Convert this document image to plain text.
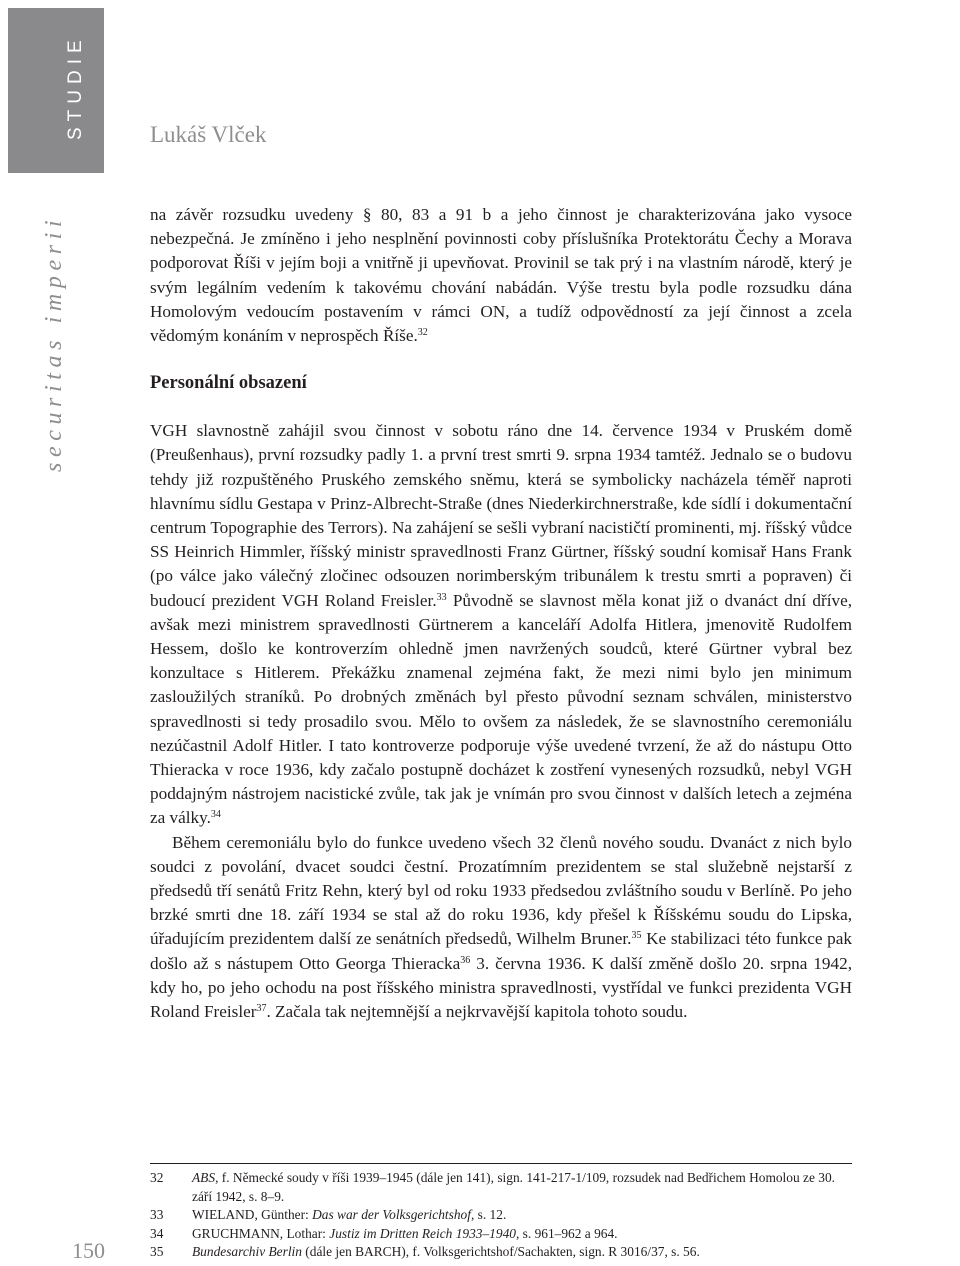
STUDIE
securitas imperii
Lukáš Vlček

na závěr rozsudku uvedeny § 80, 83 a 91 b a jeho činnost je charakterizována jako vysoce nebezpečná. Je zmíněno i jeho nesplnění povinnosti coby příslušníka Protektorátu Čechy a Morava podporovat Říši v jejím boji a vnitřně ji upevňovat. Provinil se tak prý i na vlastním národě, který je svým legálním vedením k takovému chování nabádán. Výše trestu byla podle rozsudku dána Homolovým vedoucím postavením v rámci ON, a tudíž odpovědností za její činnost a zcela vědomým konáním v neprospěch Říše.$^{32}$

Personální obsazení

VGH slavnostně zahájil svou činnost v sobotu ráno dne 14. července 1934 v Pruském domě (Preußenhaus), první rozsudky padly 1. a první trest smrti 9. srpna 1934 tamtéž. Jednalo se o budovu tehdy již rozpuštěného Pruského zemského sněmu, která se symbolicky nacházela téměř naproti hlavnímu sídlu Gestapa v Prinz-Albrecht-Straße (dnes Niederkirchnerstraße, kde sídlí i dokumentační centrum Topographie des Terrors). Na zahájení se sešli vybraní nacističtí prominenti, mj. říšský vůdce SS Heinrich Himmler, říšský ministr spravedlnosti Franz Gürtner, říšský soudní komisař Hans Frank (po válce jako válečný zločinec odsouzen norimberským tribunálem k trestu smrti a popraven) či budoucí prezident VGH Roland Freisler.$^{33}$ Původně se slavnost měla konat již o dvanáct dní dříve, avšak mezi ministrem spravedlnosti Gürtnerem a kanceláří Adolfa Hitlera, jmenovitě Rudolfem Hessem, došlo ke kontroverzím ohledně jmen navržených soudců, které Gürtner vybral bez konzultace s Hitlerem. Překážku znamenal zejména fakt, že mezi nimi bylo jen minimum zasloužilých straníků. Po drobných změnách byl přesto původní seznam schválen, ministerstvo spravedlnosti si tedy prosadilo svou. Mělo to ovšem za následek, že se slavnostního ceremoniálu nezúčastnil Adolf Hitler. I tato kontroverze podporuje výše uvedené tvrzení, že až do nástupu Otto Thieracka v roce 1936, kdy začalo postupně docházet k zostření vynesených rozsudků, nebyl VGH poddajným nástrojem nacistické zvůle, tak jak je vnímán pro svou činnost v dalších letech a zejména za války.$^{34}$

Během ceremoniálu bylo do funkce uvedeno všech 32 členů nového soudu. Dvanáct z nich bylo soudci z povolání, dvacet soudci čestní. Prozatímním prezidentem se stal služebně nejstarší z předsedů tří senátů Fritz Rehn, který byl od roku 1933 předsedou zvláštního soudu v Berlíně. Po jeho brzké smrti dne 18. září 1934 se stal až do roku 1936, kdy přešel k Říšskému soudu do Lipska, úřadujícím prezidentem další ze senátních předsedů, Wilhelm Bruner.$^{35}$ Ke stabilizaci této funkce pak došlo až s nástupem Otto Georga Thieracka$^{36}$ 3. června 1936. K další změně došlo 20. srpna 1942, kdy ho, po jeho ochodu na post říšského ministra spravedlnosti, vystřídal ve funkci prezidenta VGH Roland Freisler$^{37}$. Začala tak nejtemnější a nejkrvavější kapitola tohoto soudu.

32	ABS, f. Německé soudy v říši 1939–1945 (dále jen 141), sign. 141-217-1/109, rozsudek nad Bedřichem Homolou ze 30. září 1942, s. 8–9.
33	WIELAND, Günther: Das war der Volksgerichtshof, s. 12.
34	GRUCHMANN, Lothar: Justiz im Dritten Reich 1933–1940, s. 961–962 a 964.
35	Bundesarchiv Berlin (dále jen BARCH), f. Volksgerichtshof/Sachakten, sign. R 3016/37, s. 56.

150
